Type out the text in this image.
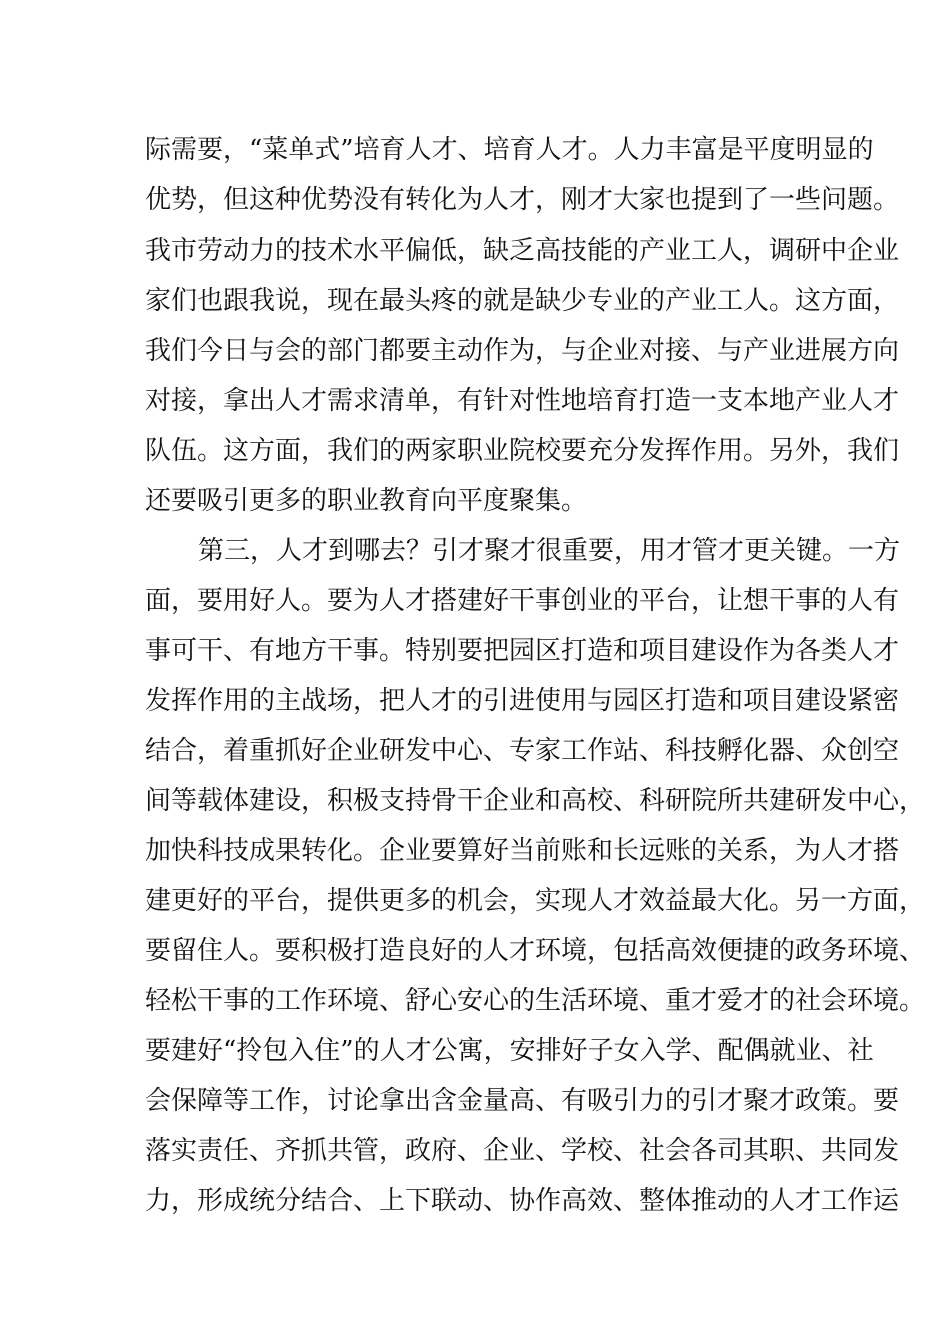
际需要，“菜单式”培育人才、培育人才。人力丰富是平度明显的
优势，但这种优势没有转化为人才，刚才大家也提到了一些问题。
我市劳动力的技术水平偏低，缺乏高技能的产业工人，调研中企业
家们也跟我说，现在最头疼的就是缺少专业的产业工人。这方面，
我们今日与会的部门都要主动作为，与企业对接、与产业进展方向
对接，拿出人才需求清单，有针对性地培育打造一支本地产业人才
队伍。这方面，我们的两家职业院校要充分发挥作用。另外，我们
还要吸引更多的职业教育向平度聚集。
第三，人才到哪去？引才聚才很重要，用才管才更关键。一方
面，要用好人。要为人才搭建好干事创业的平台，让想干事的人有
事可干、有地方干事。特别要把园区打造和项目建设作为各类人才
发挥作用的主战场，把人才的引进使用与园区打造和项目建设紧密
结合，着重抓好企业研发中心、专家工作站、科技孵化器、众创空
间等载体建设，积极支持骨干企业和高校、科研院所共建研发中心，
加快科技成果转化。企业要算好当前账和长远账的关系，为人才搭
建更好的平台，提供更多的机会，实现人才效益最大化。另一方面，
要留住人。要积极打造良好的人才环境，包括高效便捷的政务环境、
轻松干事的工作环境、舒心安心的生活环境、重才爱才的社会环境。
要建好“拎包入住”的人才公寓，安排好子女入学、配偶就业、社
会保障等工作，讨论拿出含金量高、有吸引力的引才聚才政策。要
落实责任、齐抓共管，政府、企业、学校、社会各司其职、共同发
力，形成统分结合、上下联动、协作高效、整体推动的人才工作运
